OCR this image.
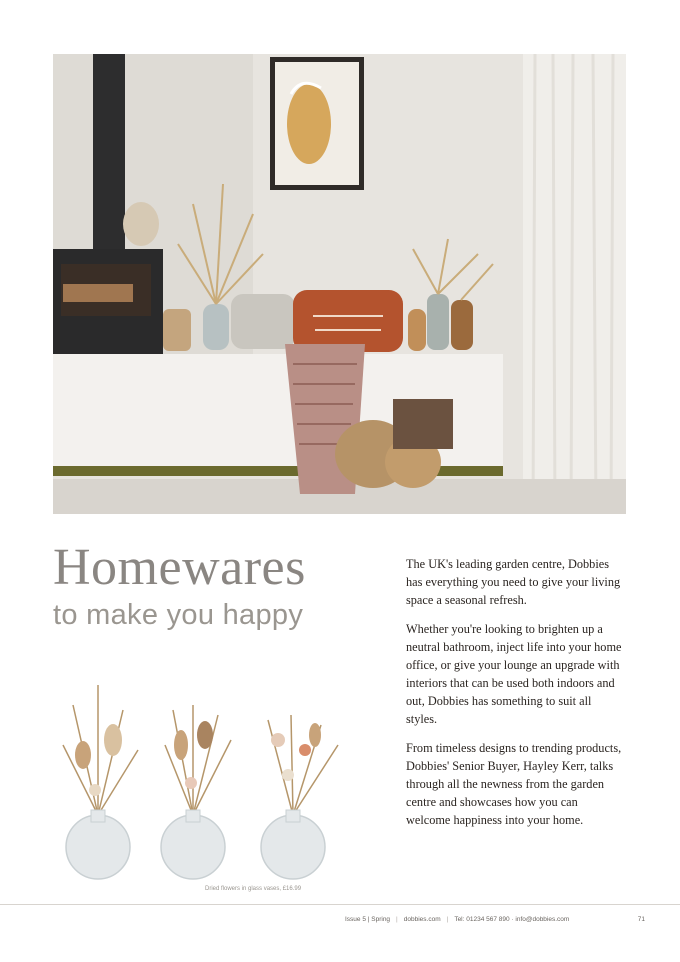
Homewares
to make you happy

The UK's leading garden centre, Dobbies has everything you need to give your living space a seasonal refresh.

Whether you're looking to brighten up a neutral bathroom, inject life into your home office, or give your lounge an upgrade with interiors that can be used both indoors and out, Dobbies has something to suit all styles.

From timeless designs to trending products, Dobbies' Senior Buyer, Hayley Kerr, talks through all the newness from the garden centre and showcases how you can welcome happiness into your home.

Dried flowers in glass vases, £16.99
Issue 5 | Spring | dobbies.com | Tel: 01234 567 890 · info@dobbies.com	71
